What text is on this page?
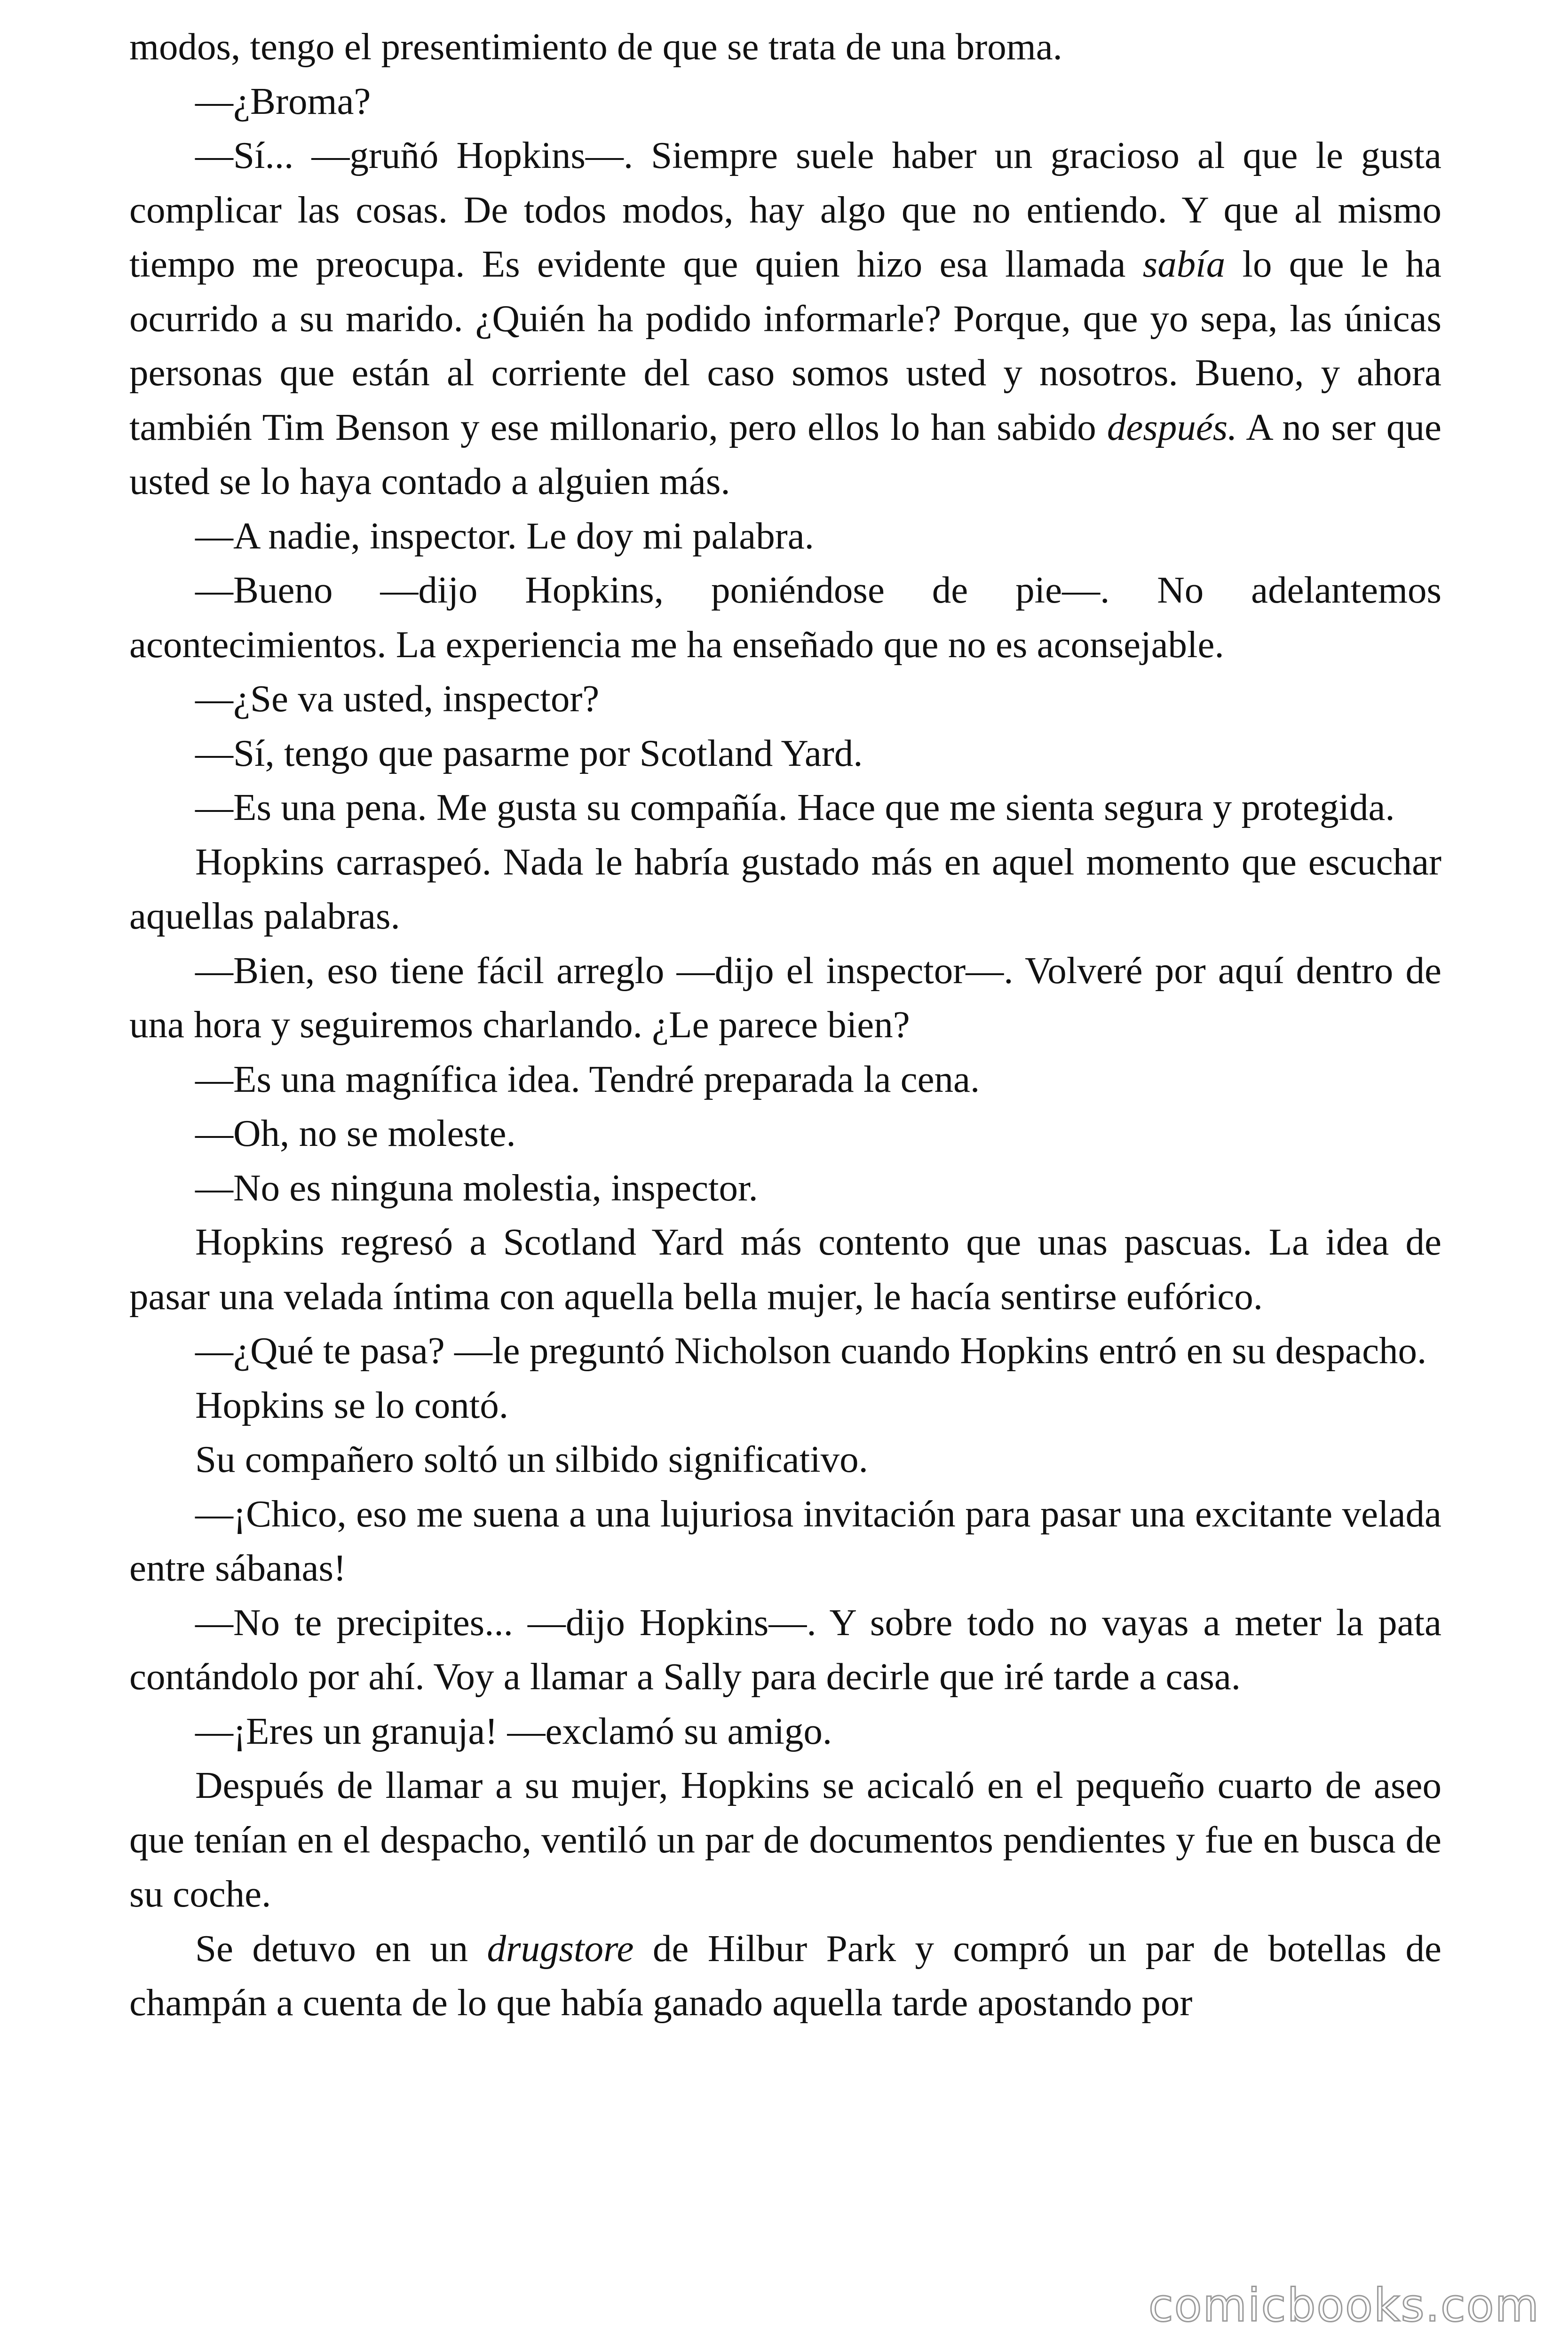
modos, tengo el presentimiento de que se trata de una broma.

—¿Broma?

—Sí... —gruñó Hopkins—. Siempre suele haber un gracioso al que le gusta complicar las cosas. De todos modos, hay algo que no entiendo. Y que al mismo tiempo me preocupa. Es evidente que quien hizo esa llamada sabía lo que le ha ocurrido a su marido. ¿Quién ha podido informarle? Porque, que yo sepa, las únicas personas que están al corriente del caso somos usted y nosotros. Bueno, y ahora también Tim Benson y ese millonario, pero ellos lo han sabido después. A no ser que usted se lo haya contado a alguien más.

—A nadie, inspector. Le doy mi palabra.

—Bueno —dijo Hopkins, poniéndose de pie—. No adelantemos acontecimientos. La experiencia me ha enseñado que no es aconsejable.

—¿Se va usted, inspector?

—Sí, tengo que pasarme por Scotland Yard.

—Es una pena. Me gusta su compañía. Hace que me sienta segura y protegida.

Hopkins carraspeó. Nada le habría gustado más en aquel momento que escuchar aquellas palabras.

—Bien, eso tiene fácil arreglo —dijo el inspector—. Volveré por aquí dentro de una hora y seguiremos charlando. ¿Le parece bien?

—Es una magnífica idea. Tendré preparada la cena.

—Oh, no se moleste.

—No es ninguna molestia, inspector.

Hopkins regresó a Scotland Yard más contento que unas pascuas. La idea de pasar una velada íntima con aquella bella mujer, le hacía sentirse eufórico.

—¿Qué te pasa? —le preguntó Nicholson cuando Hopkins entró en su despacho.

Hopkins se lo contó.

Su compañero soltó un silbido significativo.

—¡Chico, eso me suena a una lujuriosa invitación para pasar una excitante velada entre sábanas!

—No te precipites... —dijo Hopkins—. Y sobre todo no vayas a meter la pata contándolo por ahí. Voy a llamar a Sally para decirle que iré tarde a casa.

—¡Eres un granuja! —exclamó su amigo.

Después de llamar a su mujer, Hopkins se acicaló en el pequeño cuarto de aseo que tenían en el despacho, ventiló un par de documentos pendientes y fue en busca de su coche.

Se detuvo en un drugstore de Hilbur Park y compró un par de botellas de champán a cuenta de lo que había ganado aquella tarde apostando por

comicbooks.com
